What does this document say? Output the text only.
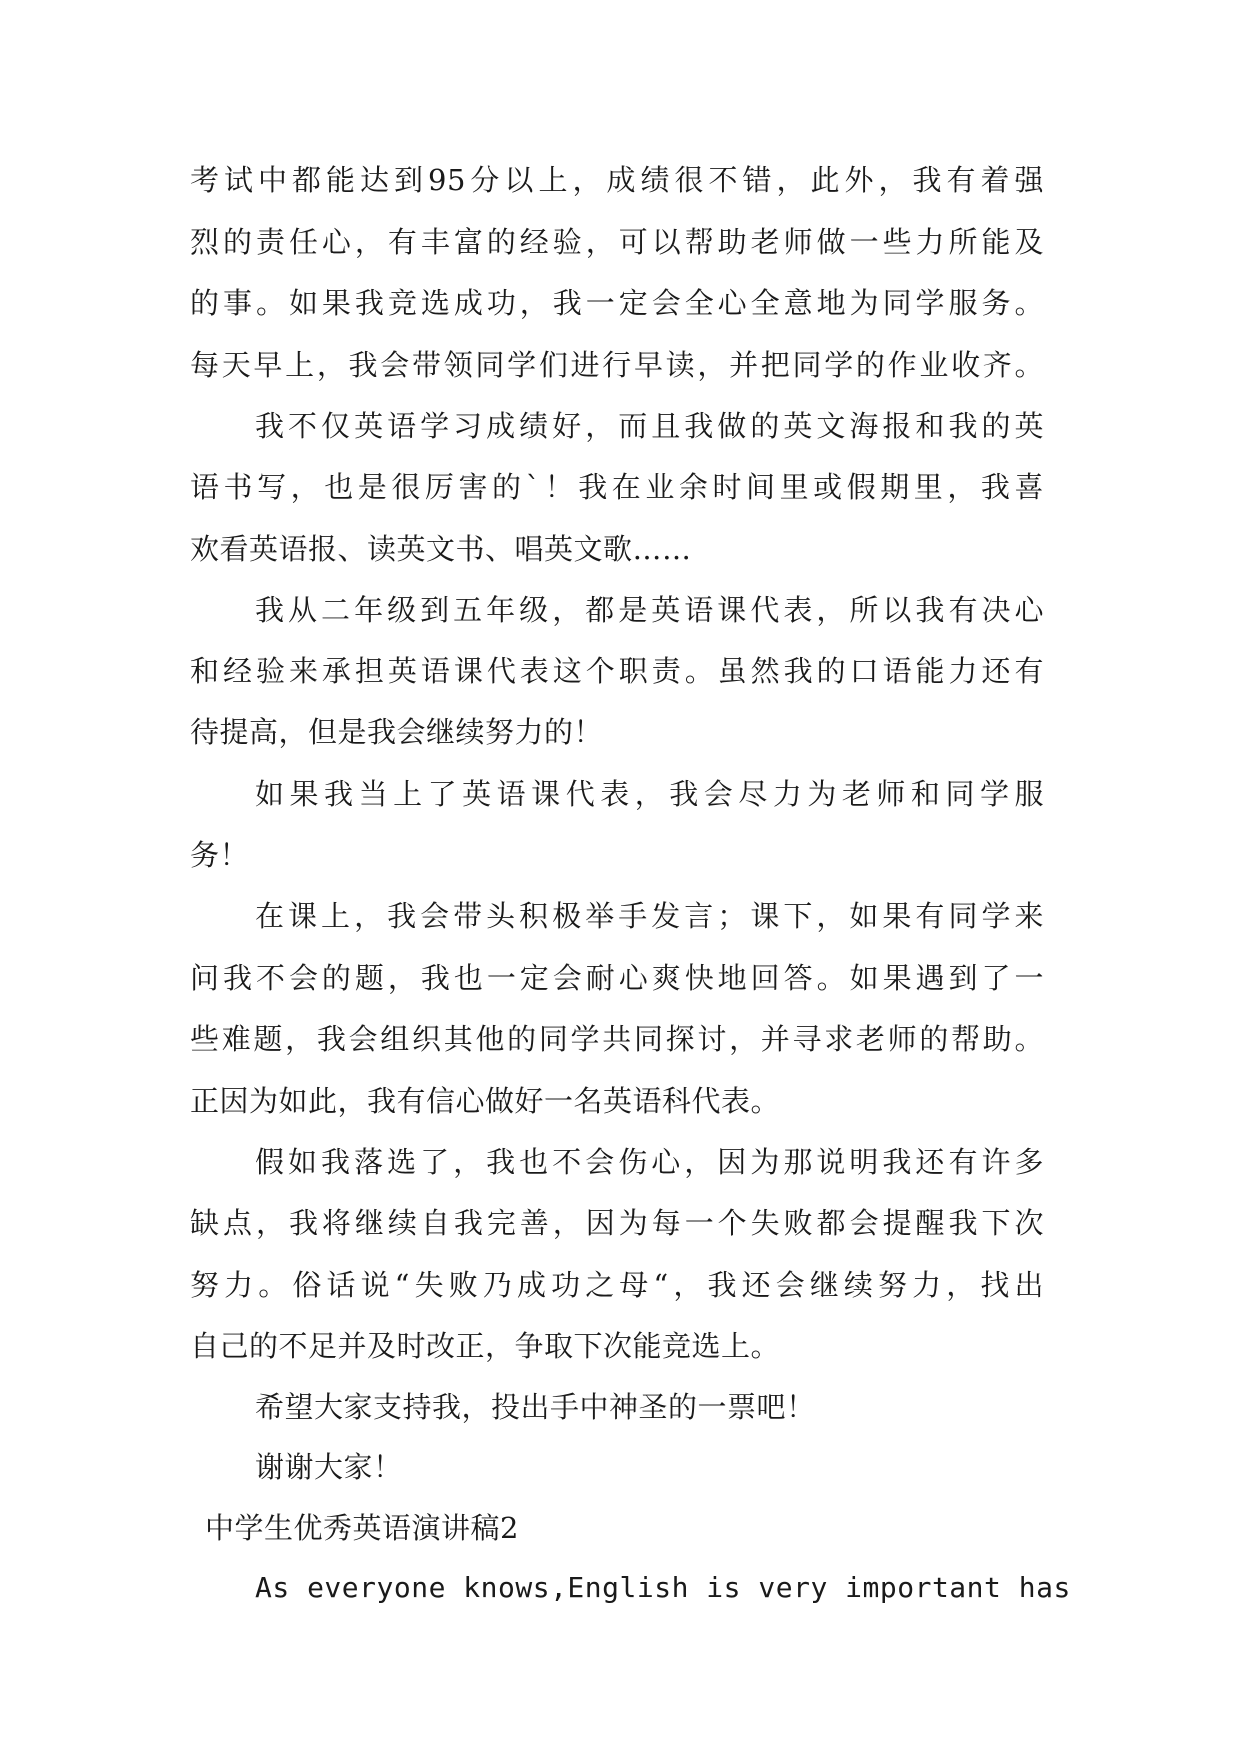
考试中都能达到95分以上，成绩很不错，此外，我有着强
烈的责任心，有丰富的经验，可以帮助老师做一些力所能及
的事。如果我竞选成功，我一定会全心全意地为同学服务。
每天早上，我会带领同学们进行早读，并把同学的作业收齐。
我不仅英语学习成绩好，而且我做的英文海报和我的英
语书写，也是很厉害的`！我在业余时间里或假期里，我喜
欢看英语报、读英文书、唱英文歌……
我从二年级到五年级，都是英语课代表，所以我有决心
和经验来承担英语课代表这个职责。虽然我的口语能力还有
待提高，但是我会继续努力的！
如果我当上了英语课代表，我会尽力为老师和同学服
务！
在课上，我会带头积极举手发言；课下，如果有同学来
问我不会的题，我也一定会耐心爽快地回答。如果遇到了一
些难题，我会组织其他的同学共同探讨，并寻求老师的帮助。
正因为如此，我有信心做好一名英语科代表。
假如我落选了，我也不会伤心，因为那说明我还有许多
缺点，我将继续自我完善，因为每一个失败都会提醒我下次
努力。俗话说“失败乃成功之母“，我还会继续努力，找出
自己的不足并及时改正，争取下次能竞选上。
希望大家支持我，投出手中神圣的一票吧！
谢谢大家！
中学生优秀英语演讲稿2
As everyone knows,English is very important has
